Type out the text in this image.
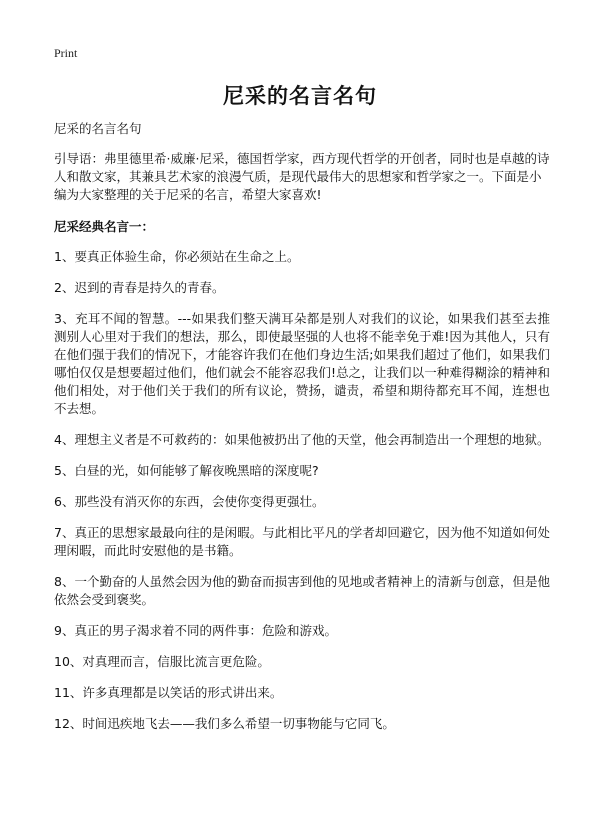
Print
尼采的名言名句

尼采的名言名句

引导语：弗里德里希·威廉·尼采，德国哲学家，西方现代哲学的开创者，同时也是卓越的诗人和散文家，其兼具艺术家的浪漫气质，是现代最伟大的思想家和哲学家之一。下面是小编为大家整理的关于尼采的名言，希望大家喜欢!

尼采经典名言一：

1、要真正体验生命，你必须站在生命之上。

2、迟到的青春是持久的青春。

3、充耳不闻的智慧。---如果我们整天满耳朵都是别人对我们的议论，如果我们甚至去推测别人心里对于我们的想法，那么，即使最坚强的人也将不能幸免于难!因为其他人，只有在他们强于我们的情况下，才能容许我们在他们身边生活;如果我们超过了他们，如果我们哪怕仅仅是想要超过他们，他们就会不能容忍我们!总之，让我们以一种难得糊涂的精神和他们相处，对于他们关于我们的所有议论，赞扬，谴责，希望和期待都充耳不闻，连想也不去想。

4、理想主义者是不可救药的：如果他被扔出了他的天堂，他会再制造出一个理想的地狱。

5、白昼的光，如何能够了解夜晚黑暗的深度呢?

6、那些没有消灭你的东西，会使你变得更强壮。

7、真正的思想家最最向往的是闲暇。与此相比平凡的学者却回避它，因为他不知道如何处理闲暇，而此时安慰他的是书籍。

8、一个勤奋的人虽然会因为他的勤奋而损害到他的见地或者精神上的清新与创意，但是他依然会受到褒奖。

9、真正的男子渴求着不同的两件事：危险和游戏。

10、对真理而言，信服比流言更危险。

11、许多真理都是以笑话的形式讲出来。

12、时间迅疾地飞去——我们多么希望一切事物能与它同飞。
